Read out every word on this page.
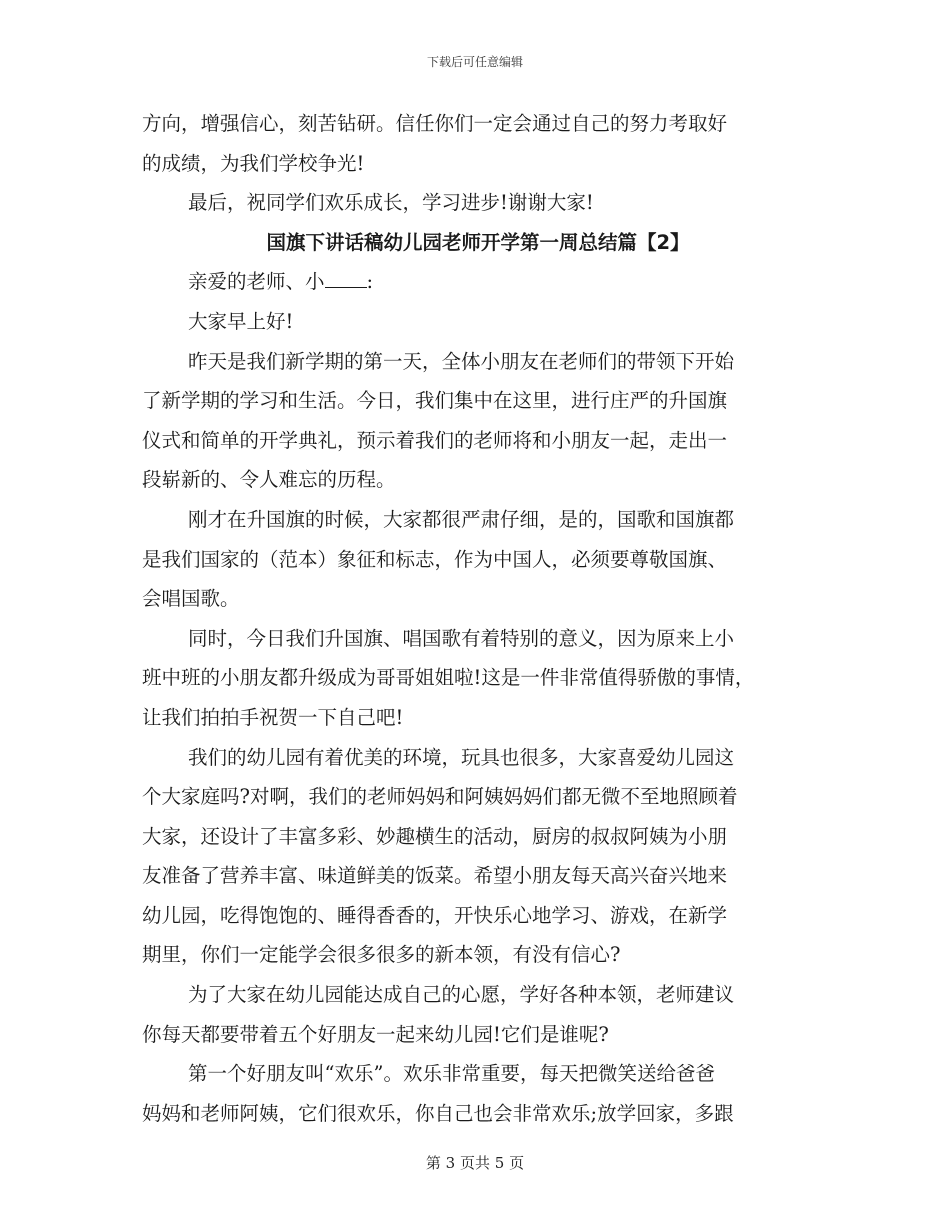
下载后可任意编辑
方向，增强信心，刻苦钻研。信任你们一定会通过自己的努力考取好
的成绩，为我们学校争光!
最后，祝同学们欢乐成长，学习进步!谢谢大家!
国旗下讲话稿幼儿园老师开学第一周总结篇【2】
亲爱的老师、小 :
大家早上好!
昨天是我们新学期的第一天，全体小朋友在老师们的带领下开始
了新学期的学习和生活。今日，我们集中在这里，进行庄严的升国旗
仪式和简单的开学典礼，预示着我们的老师将和小朋友一起，走出一
段崭新的、令人难忘的历程。
刚才在升国旗的时候，大家都很严肃仔细，是的，国歌和国旗都
是我们国家的（范本）象征和标志，作为中国人，必须要尊敬国旗、
会唱国歌。
同时，今日我们升国旗、唱国歌有着特别的意义，因为原来上小
班中班的小朋友都升级成为哥哥姐姐啦!这是一件非常值得骄傲的事情，
让我们拍拍手祝贺一下自己吧!
我们的幼儿园有着优美的环境，玩具也很多，大家喜爱幼儿园这
个大家庭吗?对啊，我们的老师妈妈和阿姨妈妈们都无微不至地照顾着
大家，还设计了丰富多彩、妙趣横生的活动，厨房的叔叔阿姨为小朋
友准备了营养丰富、味道鲜美的饭菜。希望小朋友每天高兴奋兴地来
幼儿园，吃得饱饱的、睡得香香的，开快乐心地学习、游戏，在新学
期里，你们一定能学会很多很多的新本领，有没有信心?
为了大家在幼儿园能达成自己的心愿，学好各种本领，老师建议
你每天都要带着五个好朋友一起来幼儿园!它们是谁呢?
第一个好朋友叫“欢乐”。欢乐非常重要，每天把微笑送给爸爸
妈妈和老师阿姨，它们很欢乐，你自己也会非常欢乐;放学回家，多跟
第 3 页共 5 页
